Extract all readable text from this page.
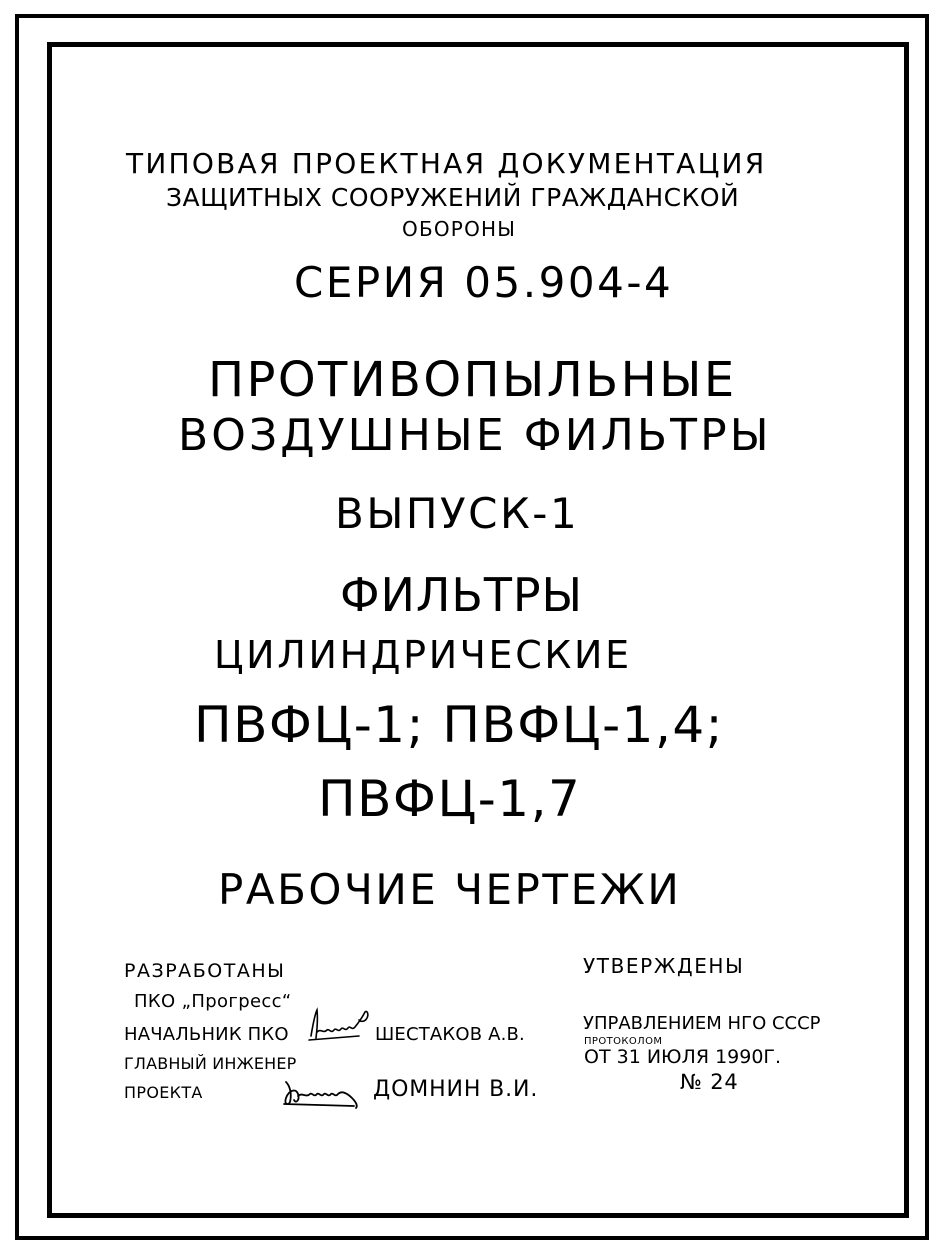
ТИПОВАЯ ПРОЕКТНАЯ ДОКУМЕНТАЦИЯ
ЗАЩИТНЫХ СООРУЖЕНИЙ ГРАЖДАНСКОЙ
ОБОРОНЫ
СЕРИЯ 05.904-4
ПРОТИВОПЫЛЬНЫЕ
ВОЗДУШНЫЕ ФИЛЬТРЫ
ВЫПУСК-1
ФИЛЬТРЫ
ЦИЛИНДРИЧЕСКИЕ
ПВФЦ-1; ПВФЦ-1,4;
ПВФЦ-1,7
РАБОЧИЕ ЧЕРТЕЖИ
РАЗРАБОТАНЫ
ПКО „Прогресс“
НАЧАЛЬНИК ПКО	ШЕСТАКОВ А.В.
ГЛАВНЫЙ ИНЖЕНЕР
ПРОЕКТА	ДОМНИН В.И.
УТВЕРЖДЕНЫ
УПРАВЛЕНИЕМ НГО СССР
ПРОТОКОЛОМ
ОТ 31 ИЮЛЯ 1990Г.
№ 24
